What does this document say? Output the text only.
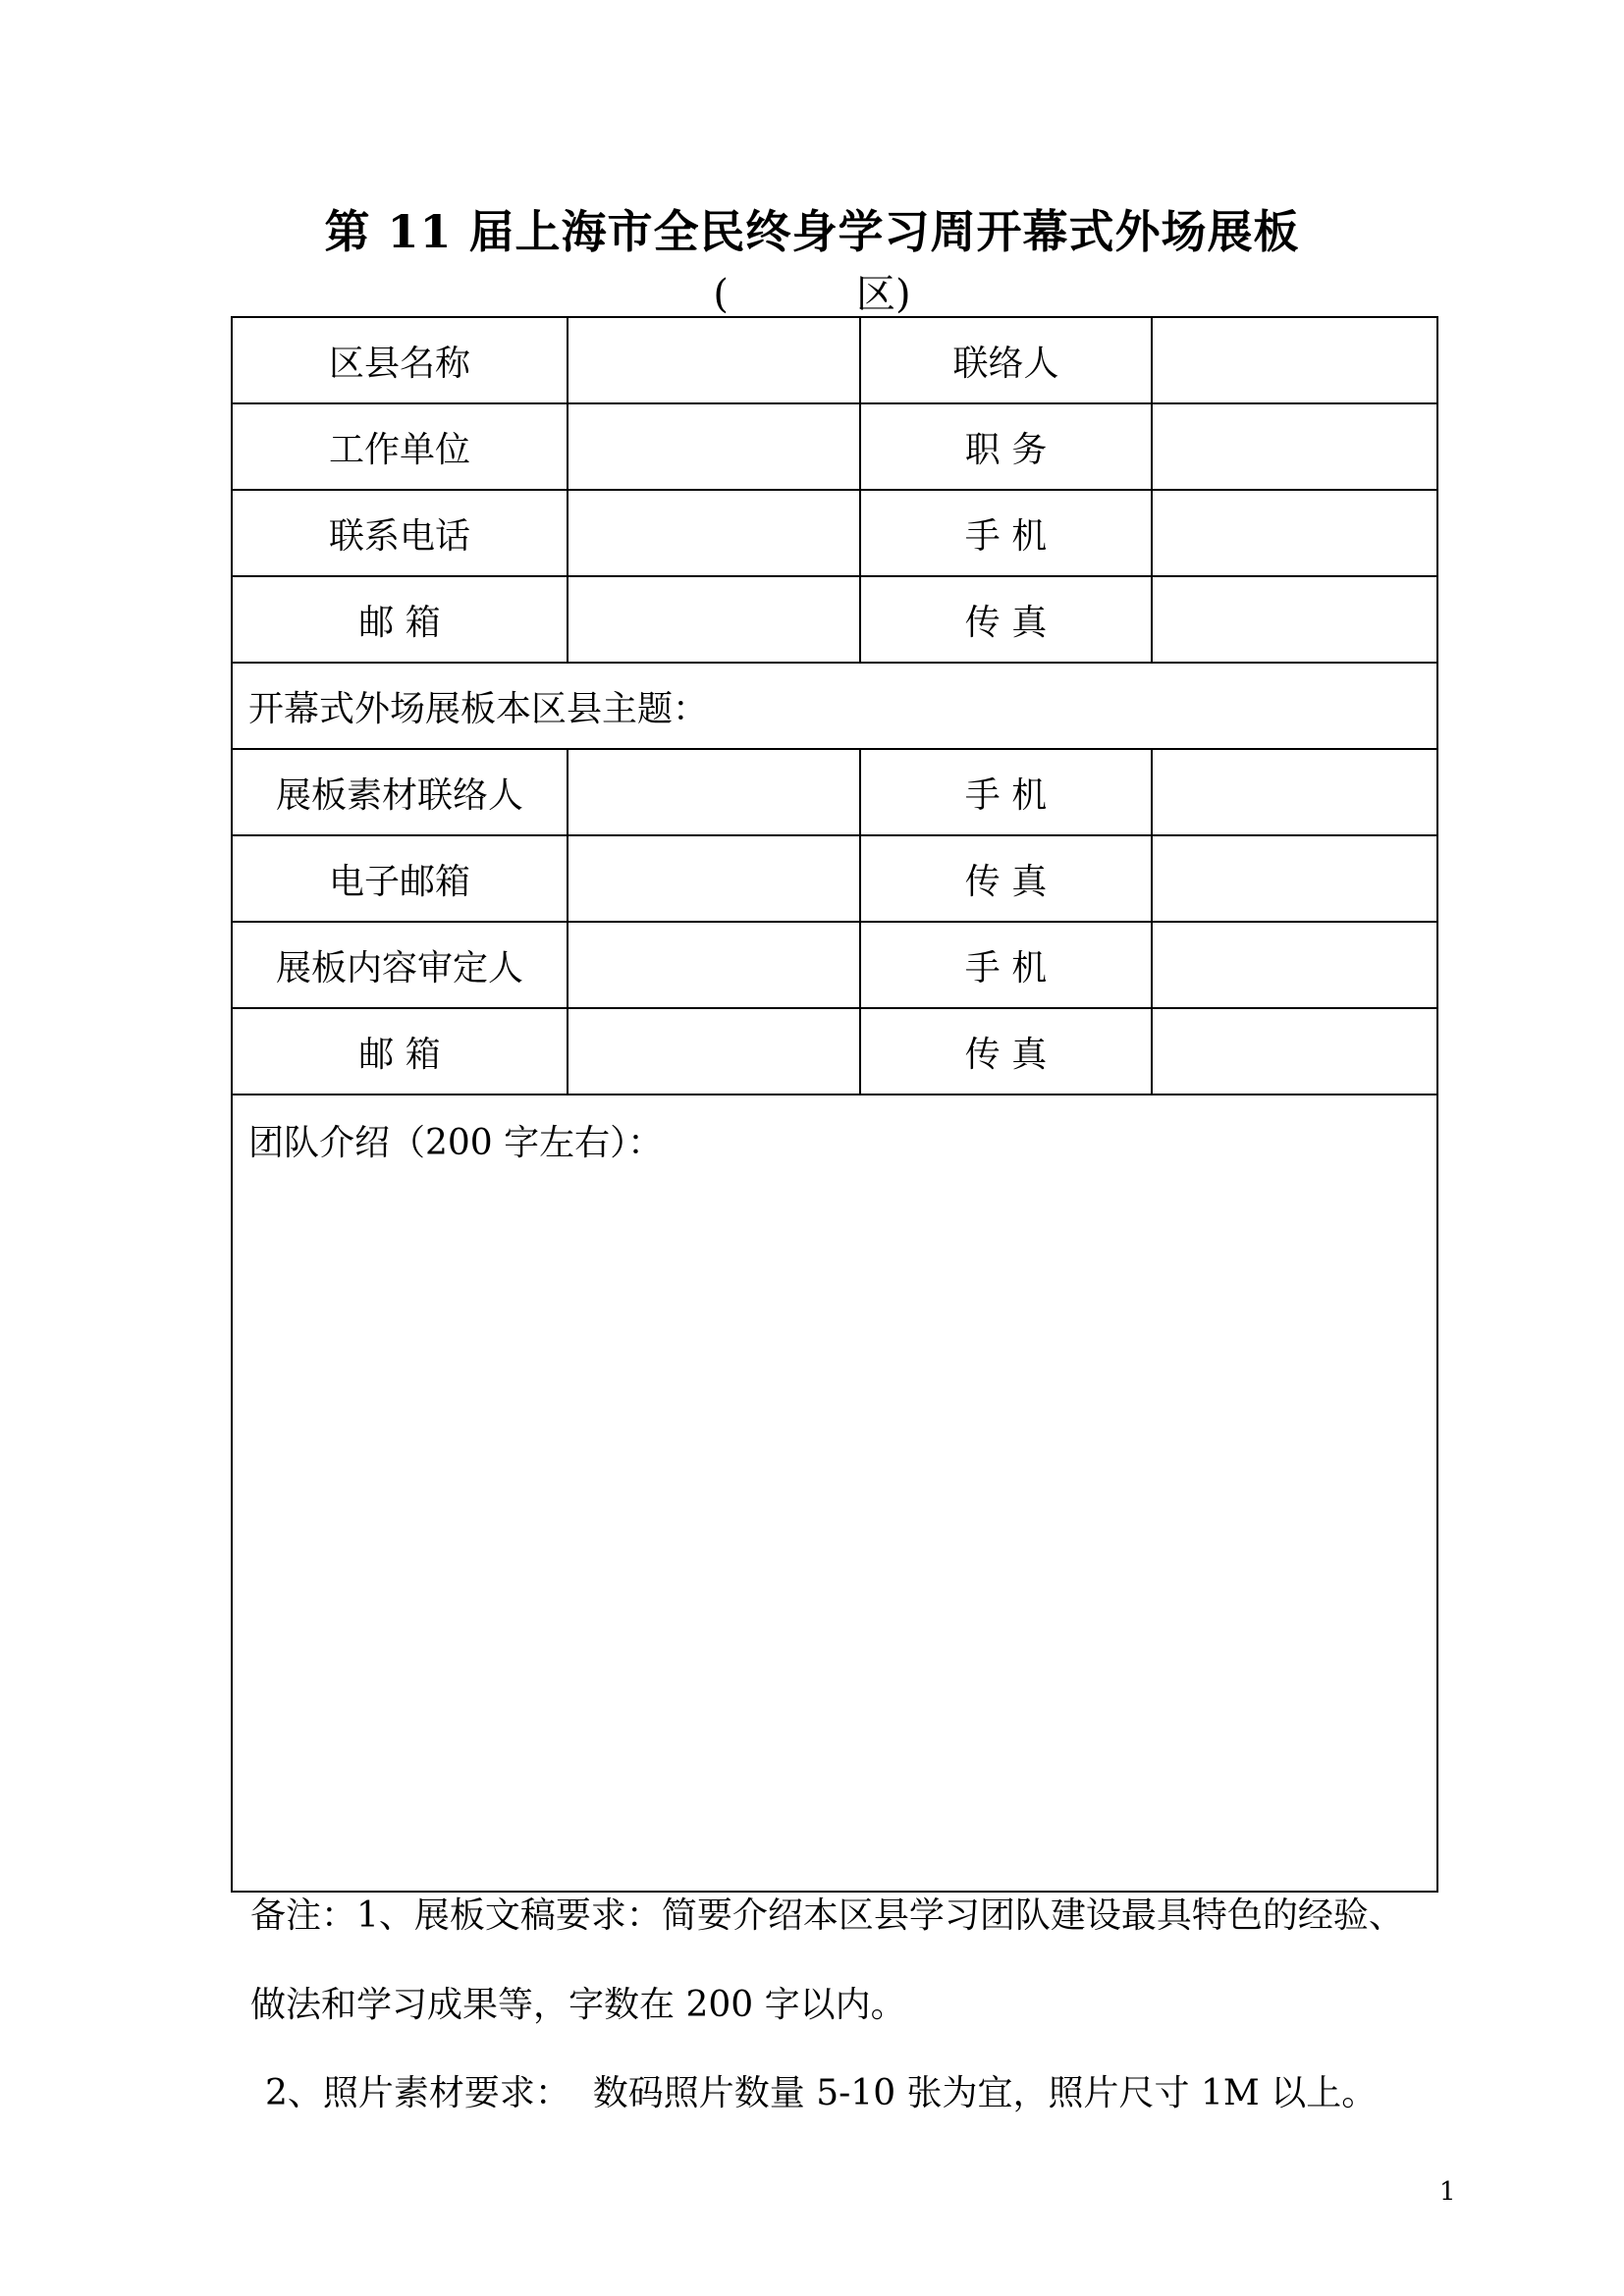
第 11 届上海市全民终身学习周开幕式外场展板
(	区)
区县名称		联络人	
工作单位		职 务	
联系电话		手 机	
邮 箱		传 真	
开幕式外场展板本区县主题：			
展板素材联络人		手 机	
电子邮箱		传 真	
展板内容审定人		手 机	
邮 箱		传 真	
团队介绍（200 字左右）：			
备注：1、展板文稿要求：简要介绍本区县学习团队建设最具特色的经验、
做法和学习成果等，字数在 200 字以内。
2、照片素材要求：  数码照片数量 5-10 张为宜，照片尺寸 1M 以上。
1
